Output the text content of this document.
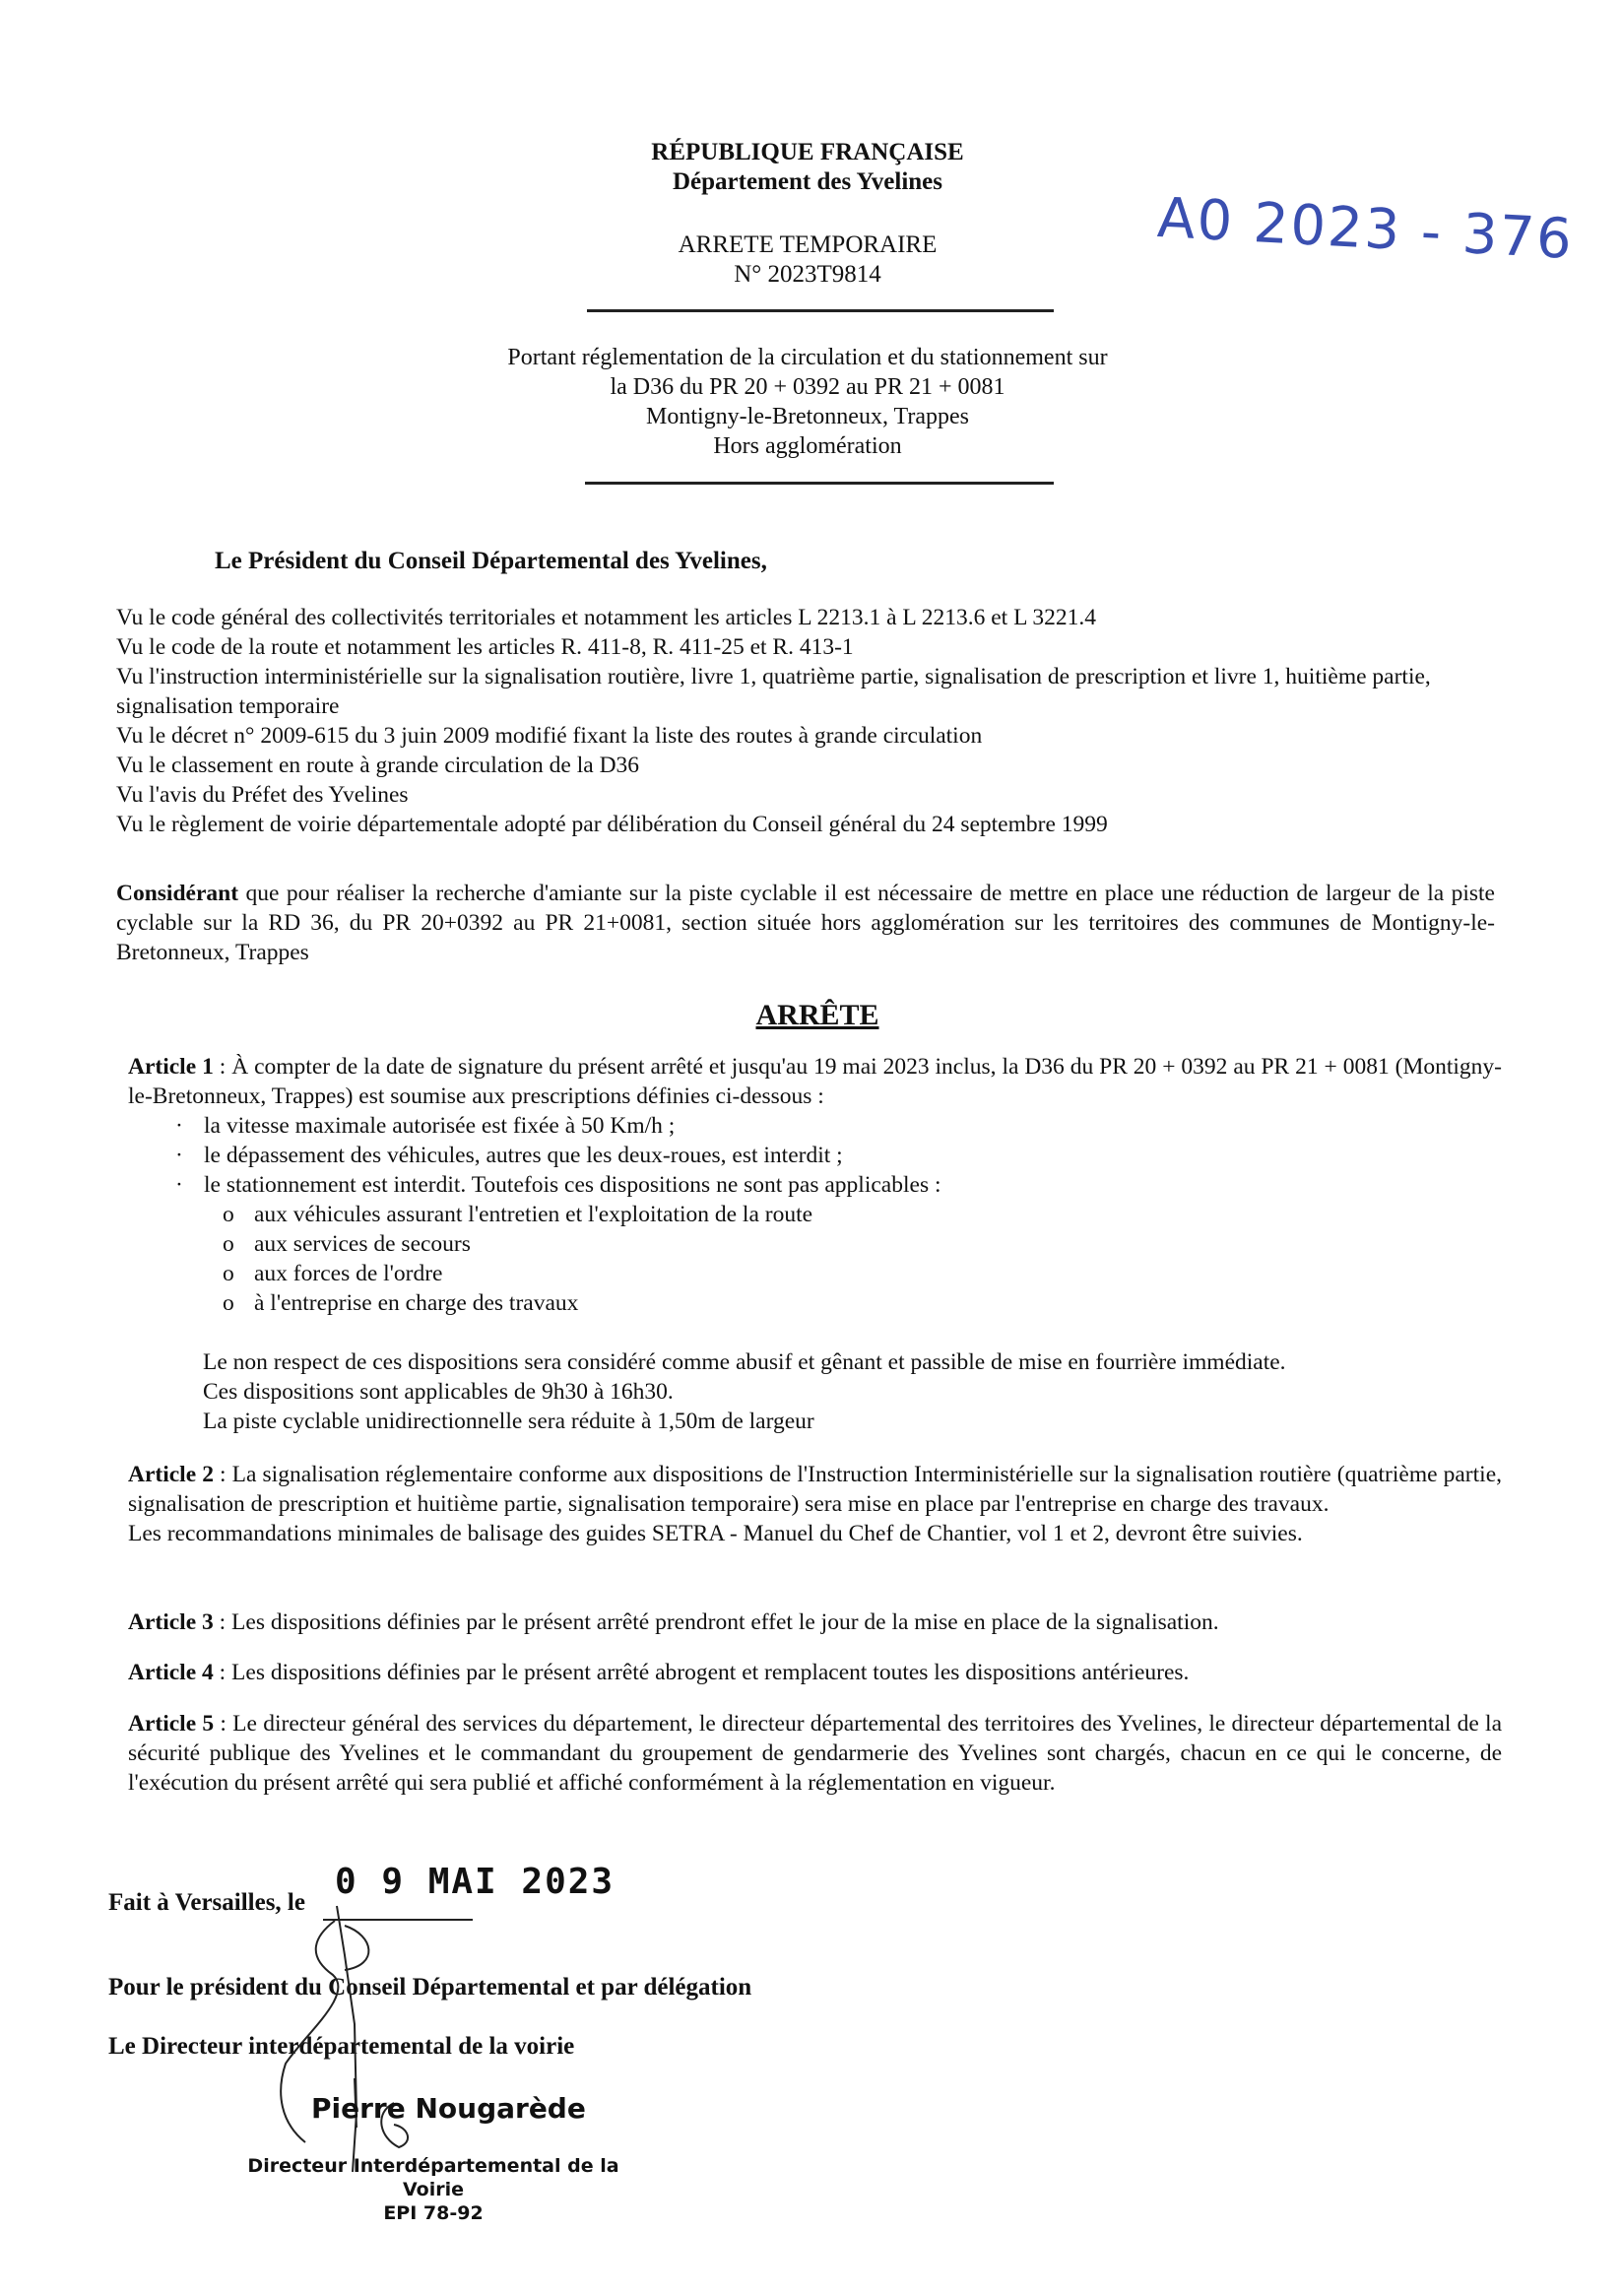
RÉPUBLIQUE FRANÇAISE
Département des Yvelines
ARRETE TEMPORAIRE
N° 2023T9814
A0 2023 - 376
Portant réglementation de la circulation et du stationnement sur
la D36 du PR 20 + 0392 au PR 21 + 0081
Montigny-le-Bretonneux, Trappes
Hors agglomération
Le Président du Conseil Départemental des Yvelines,
Vu le code général des collectivités territoriales et notamment les articles L 2213.1 à L 2213.6 et L 3221.4
Vu le code de la route et notamment les articles R. 411-8, R. 411-25 et R. 413-1
Vu l'instruction interministérielle sur la signalisation routière, livre 1, quatrième partie, signalisation de prescription et livre 1, huitième partie, signalisation temporaire
Vu le décret n° 2009-615 du 3 juin 2009 modifié fixant la liste des routes à grande circulation
Vu le classement en route à grande circulation de la D36
Vu l'avis du Préfet des Yvelines
Vu le règlement de voirie départementale adopté par délibération du Conseil général du 24 septembre 1999
Considérant que pour réaliser la recherche d'amiante sur la piste cyclable il est nécessaire de mettre en place une réduction de largeur de la piste cyclable sur la RD 36, du PR 20+0392 au PR 21+0081, section située hors agglomération sur les territoires des communes de Montigny-le-Bretonneux, Trappes
ARRÊTE
Article 1 : À compter de la date de signature du présent arrêté et jusqu'au 19 mai 2023 inclus, la D36 du PR 20 + 0392 au PR 21 + 0081 (Montigny-le-Bretonneux, Trappes) est soumise aux prescriptions définies ci-dessous :
· la vitesse maximale autorisée est fixée à 50 Km/h ;
· le dépassement des véhicules, autres que les deux-roues, est interdit ;
· le stationnement est interdit. Toutefois ces dispositions ne sont pas applicables :
o aux véhicules assurant l'entretien et l'exploitation de la route
o aux services de secours
o aux forces de l'ordre
o à l'entreprise en charge des travaux
Le non respect de ces dispositions sera considéré comme abusif et gênant et passible de mise en fourrière immédiate.
Ces dispositions sont applicables de 9h30 à 16h30.
La piste cyclable unidirectionnelle sera réduite à 1,50m de largeur
Article 2 : La signalisation réglementaire conforme aux dispositions de l'Instruction Interministérielle sur la signalisation routière (quatrième partie, signalisation de prescription et huitième partie, signalisation temporaire) sera mise en place par l'entreprise en charge des travaux.
Les recommandations minimales de balisage des guides SETRA - Manuel du Chef de Chantier, vol 1 et 2, devront être suivies.
Article 3 : Les dispositions définies par le présent arrêté prendront effet le jour de la mise en place de la signalisation.
Article 4 : Les dispositions définies par le présent arrêté abrogent et remplacent toutes les dispositions antérieures.
Article 5 : Le directeur général des services du département, le directeur départemental des territoires des Yvelines, le directeur départemental de la sécurité publique des Yvelines et le commandant du groupement de gendarmerie des Yvelines sont chargés, chacun en ce qui le concerne, de l'exécution du présent arrêté qui sera publié et affiché conformément à la réglementation en vigueur.
Fait à Versailles, le
0 9 MAI 2023
Pour le président du Conseil Départemental et par délégation
Le Directeur interdépartemental de la voirie
Pierre Nougarède
Directeur Interdépartemental de la Voirie
EPI 78-92
